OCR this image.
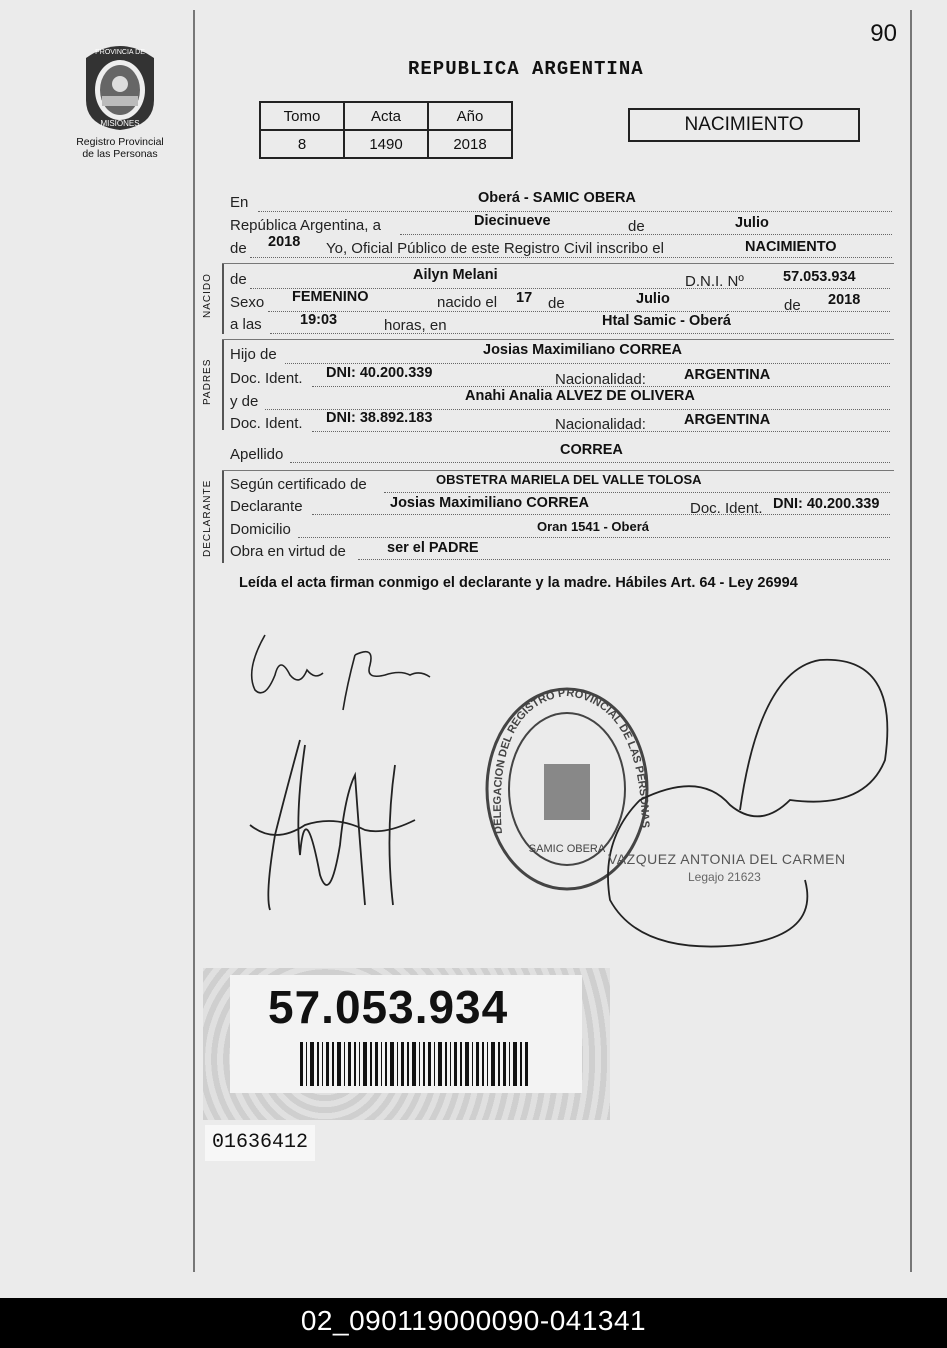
90
PROVINCIA DE
MISIONES
Registro Provincial
de las Personas
REPUBLICA ARGENTINA
Tomo	Acta	Año
8	1490	2018
NACIMIENTO
En	Oberá - SAMIC OBERA
República Argentina, a	Diecinueve	de	Julio
de 2018 Yo, Oficial Público de este Registro Civil inscribo el	NACIMIENTO
NACIDO de	Ailyn Melani	D.N.I. Nº	57.053.934
Sexo FEMENINO	nacido el 17 de	Julio	de 2018
a las	19:03	horas, en	Htal Samic - Oberá
PADRES
Hijo de	Josias Maximiliano CORREA
Doc. Ident. DNI: 40.200.339	Nacionalidad:	ARGENTINA
y de	Anahi Analia ALVEZ DE OLIVERA
Doc. Ident. DNI: 38.892.183	Nacionalidad:	ARGENTINA
Apellido	CORREA
DECLARANTE Según certificado de	OBSTETRA MARIELA DEL VALLE TOLOSA
Declarante	Josias Maximiliano CORREA	Doc. Ident. DNI: 40.200.339
Domicilio	Oran 1541 - Oberá
Obra en virtud de	ser el PADRE
Leída el acta firman conmigo el declarante y la madre. Hábiles Art. 64 - Ley 26994
SAMIC OBERA
DELEGACION DEL REGISTRO PROVINCIAL DE LAS PERSONAS
VAZQUEZ ANTONIA DEL CARMEN
Legajo 21623
57.053.934
01636412
02_090119000090-041341
